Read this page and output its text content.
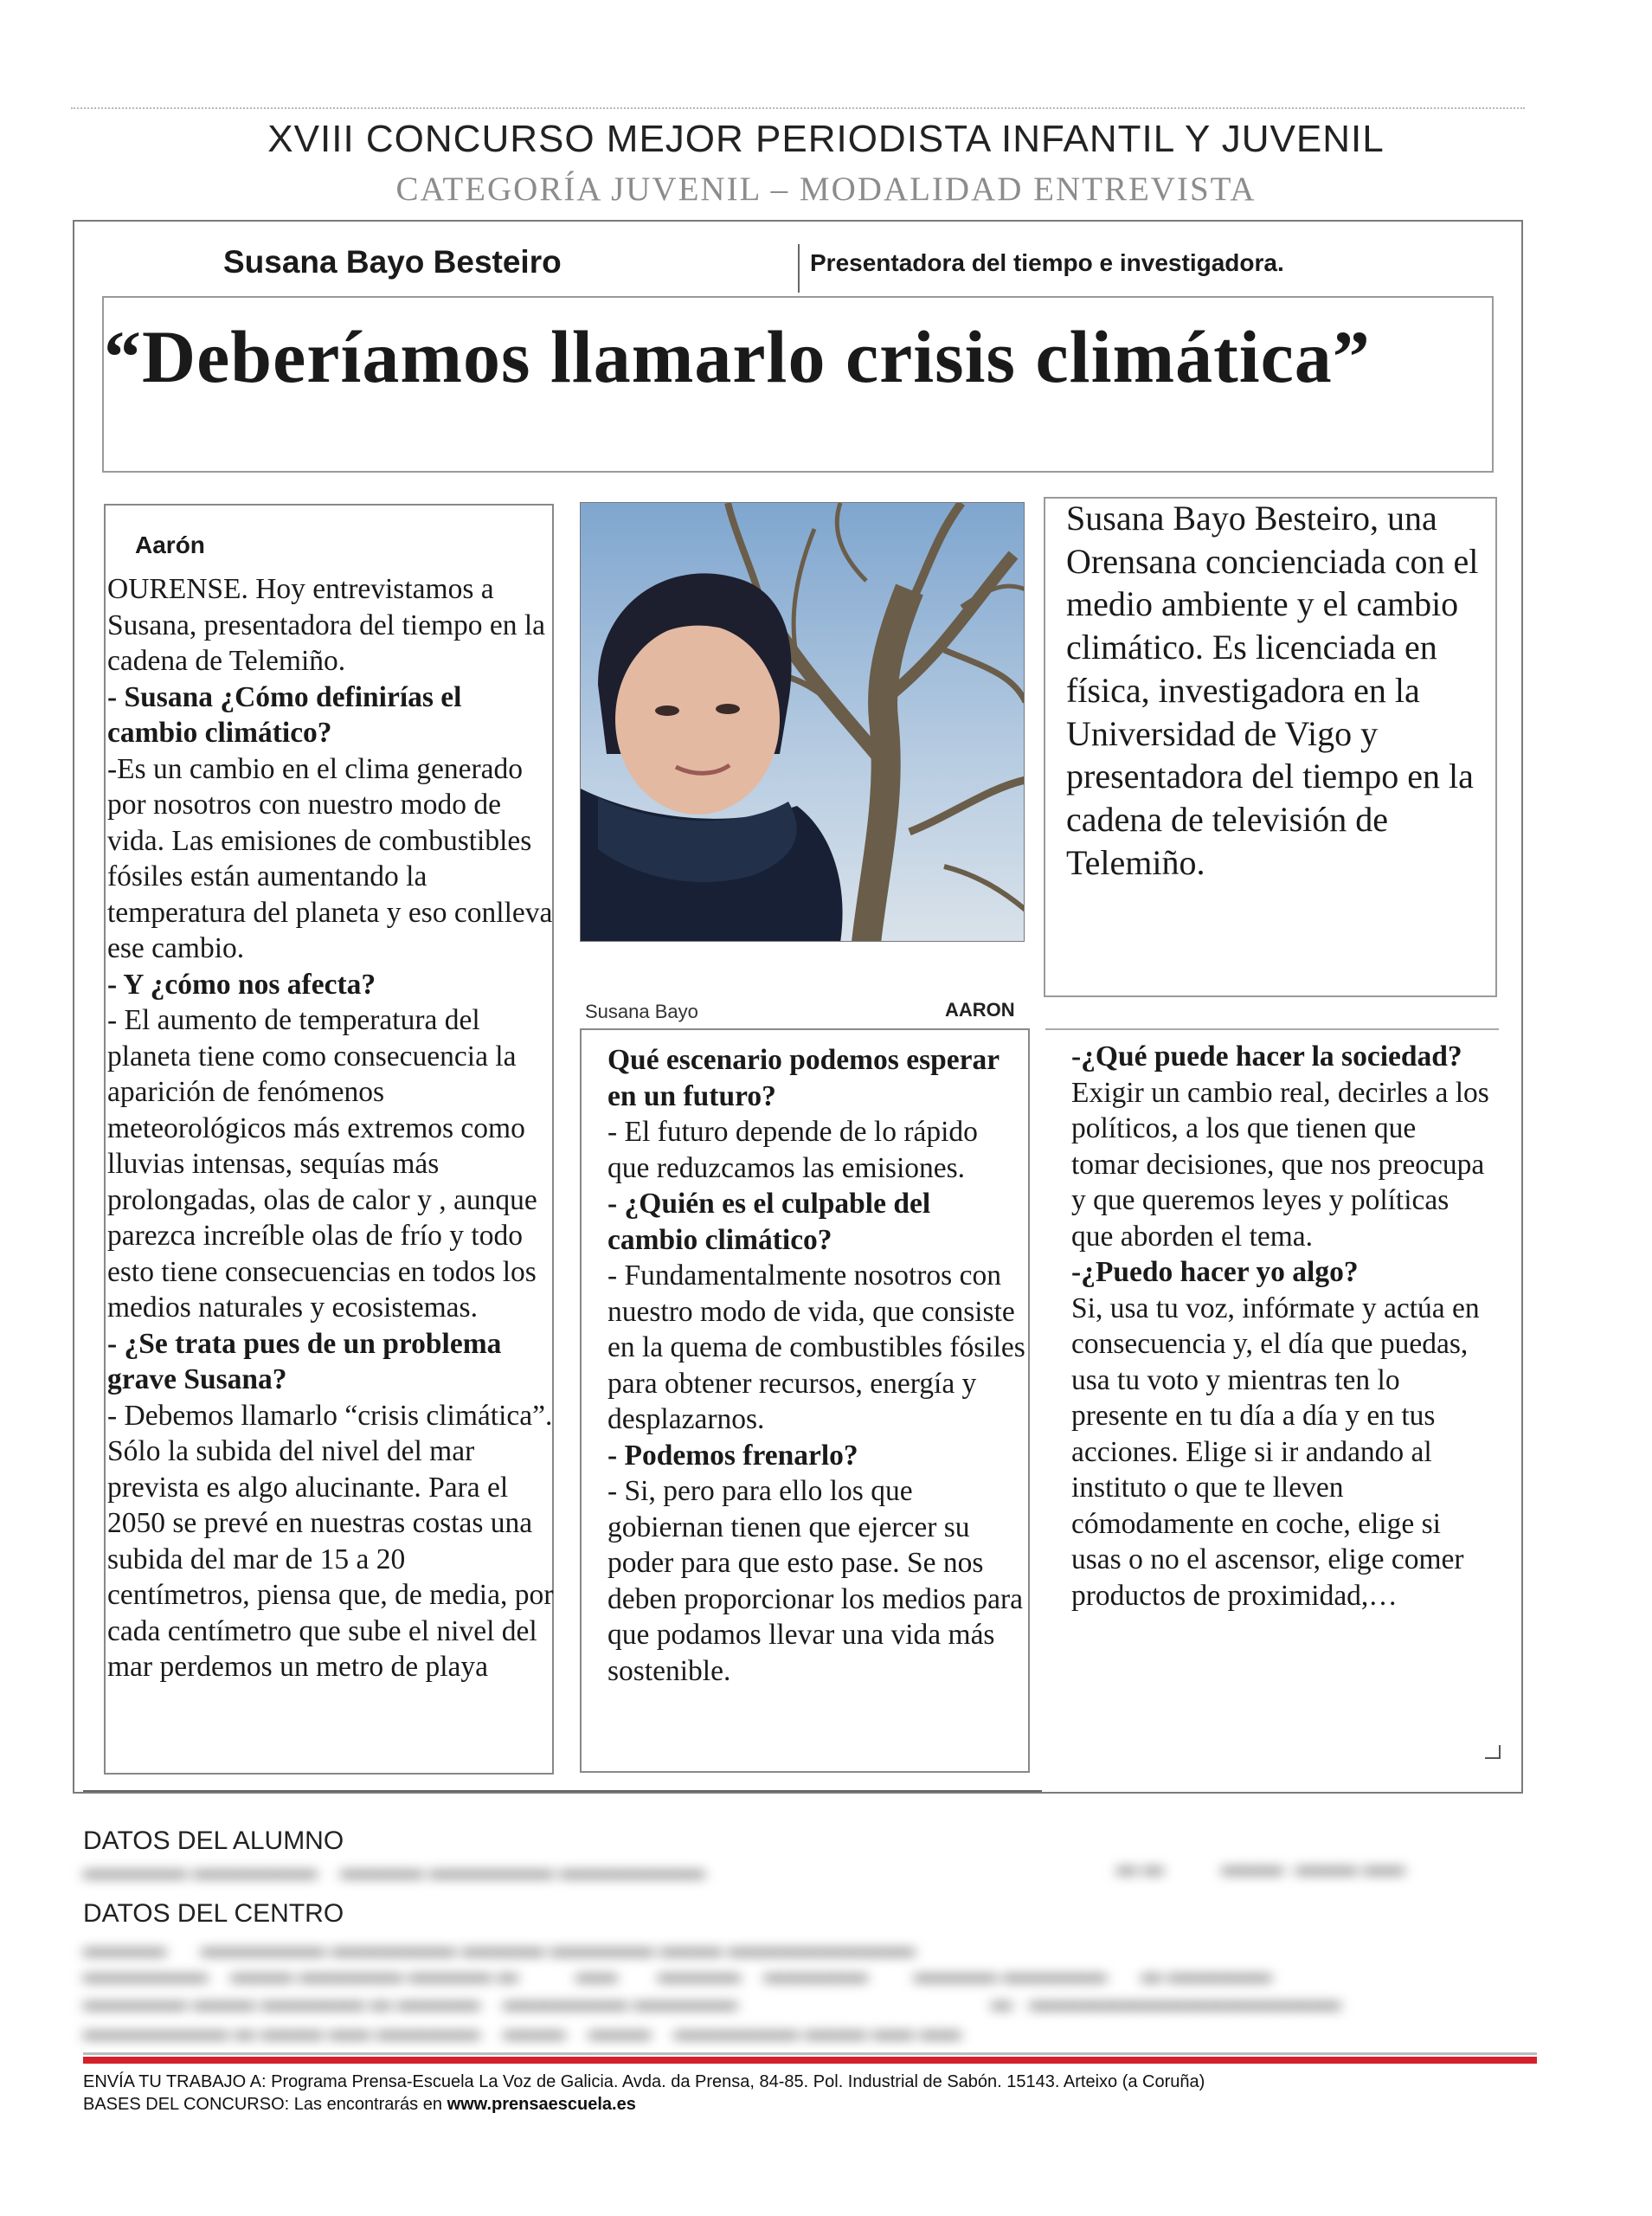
XVIII CONCURSO MEJOR PERIODISTA INFANTIL Y JUVENIL
CATEGORÍA JUVENIL – MODALIDAD ENTREVISTA
Susana Bayo Besteiro	Presentadora del tiempo e investigadora.
“Deberíamos llamarlo crisis climática”
Aarón

OURENSE. Hoy entrevistamos a Susana, presentadora del tiempo en la cadena de Telemiño.

- Susana ¿Cómo definirías el cambio climático?

-Es un cambio en el clima generado por nosotros con nuestro modo de vida. Las emisiones de combustibles fósiles están aumentando la temperatura del planeta y eso conlleva ese cambio.

- Y ¿cómo nos afecta?

- El aumento de temperatura del planeta tiene como consecuencia la aparición de fenómenos meteorológicos más extremos como lluvias intensas, sequías más prolongadas, olas de calor y , aunque parezca increíble olas de frío y todo esto tiene consecuencias en todos los medios naturales y ecosistemas.

- ¿Se trata pues de un problema grave Susana?

- Debemos llamarlo “crisis climática”. Sólo la subida del nivel del mar prevista es algo alucinante. Para el 2050 se prevé en nuestras costas una subida del mar de 15 a 20 centímetros, piensa que, de media, por cada centímetro que sube el nivel del mar perdemos un metro de playa

Susana Bayo	AARON
Susana Bayo Besteiro, una Orensana concienciada con el medio ambiente y el cambio climático. Es licenciada en física, investigadora en la Universidad de Vigo y presentadora del tiempo en la cadena de televisión de Telemiño.

Qué escenario podemos esperar en un futuro?

- El futuro depende de lo rápido que reduzcamos las emisiones.

- ¿Quién es el culpable del cambio climático?

- Fundamentalmente nosotros con nuestro modo de vida, que consiste en la quema de combustibles fósiles para obtener recursos, energía y desplazarnos.

- Podemos frenarlo?

- Si, pero para ello los que gobiernan tienen que ejercer su poder para que esto pase. Se nos deben proporcionar los medios para que podamos llevar una vida más sostenible.

-¿Qué puede hacer la sociedad?

Exigir un cambio real, decirles a los políticos, a los que tienen que tomar decisiones, que nos preocupa y que queremos leyes y políticas que aborden el tema.

-¿Puedo hacer yo algo?

Si, usa tu voz, infórmate y actúa en consecuencia y, el día que puedas, usa tu voto y mientras ten lo presente en tu día a día y en tus acciones. Elige si ir andando al instituto o que te lleven cómodamente en coche, elige si usas o no el ascensor, elige comer productos de proximidad,…

DATOS DEL ALUMNO
▬▬▬▬▬ ▬▬▬▬▬▬    ▬▬▬▬ ▬▬▬▬▬▬ ▬▬▬▬▬▬▬	▬ ▬          ▬▬▬  ▬▬▬ ▬▬
DATOS DEL CENTRO
▬▬▬▬      ▬▬▬▬▬▬ ▬▬▬▬▬▬ ▬▬▬▬ ▬▬▬▬▬ ▬▬▬ ▬▬▬▬▬▬▬▬▬
▬▬▬▬▬▬    ▬▬▬ ▬▬▬▬▬ ▬▬▬▬ ▬          ▬▬       ▬▬▬▬    ▬▬▬▬▬        ▬▬▬▬ ▬▬▬▬▬      ▬ ▬▬▬▬▬
▬▬▬▬▬ ▬▬▬ ▬▬▬▬▬ ▬ ▬▬▬▬    ▬▬▬▬▬▬ ▬▬▬▬▬                                            ▬   ▬▬▬▬▬▬▬▬▬▬▬▬▬▬▬
▬▬▬▬▬▬▬ ▬ ▬▬▬ ▬▬ ▬▬▬▬▬    ▬▬▬    ▬▬▬    ▬▬▬▬▬▬ ▬▬▬ ▬▬ ▬▬
ENVÍA TU TRABAJO A: Programa Prensa-Escuela La Voz de Galicia. Avda. da Prensa, 84-85. Pol. Industrial de Sabón. 15143. Arteixo (a Coruña)
BASES DEL CONCURSO: Las encontrarás en www.prensaescuela.es
